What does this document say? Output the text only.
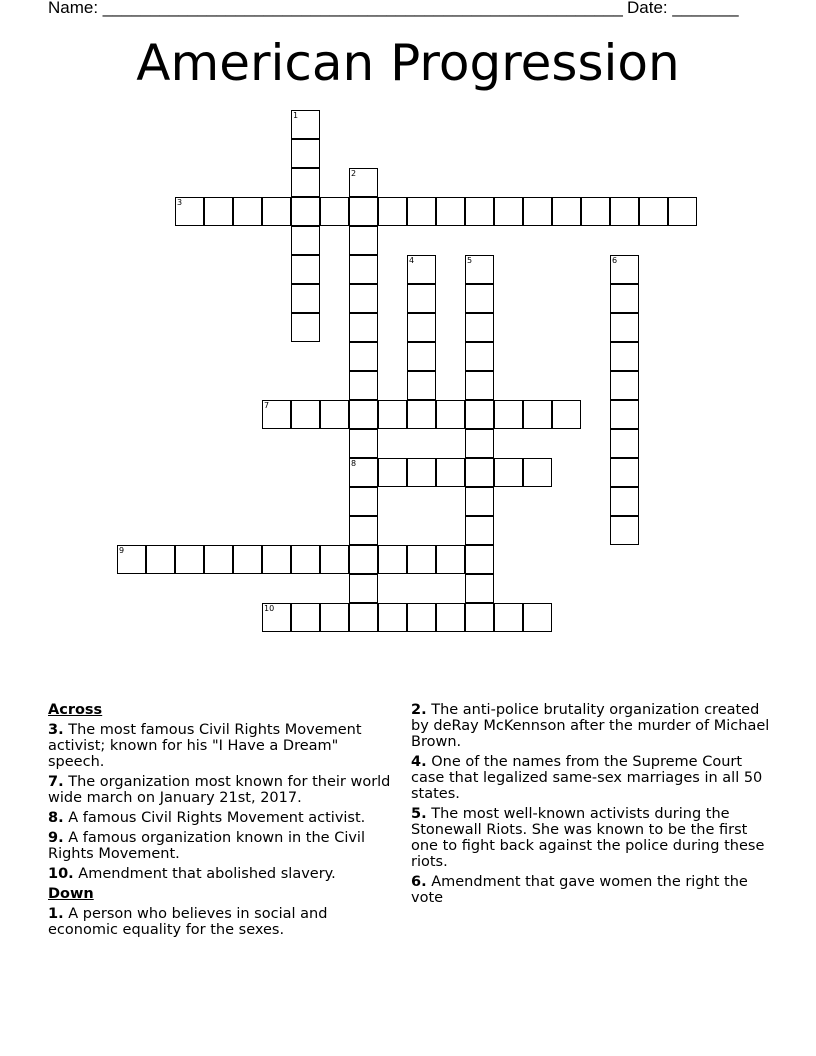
Name: _______________________________________________________ Date: _______
American Progression
1
2
8
3
4	5	6
7
9
10
Across
3. The most famous Civil Rights Movement activist; known for his "I Have a Dream" speech.
7. The organization most known for their world wide march on January 21st, 2017.
8. A famous Civil Rights Movement activist.
9. A famous organization known in the Civil Rights Movement.
10. Amendment that abolished slavery.
Down
1. A person who believes in social and economic equality for the sexes.
2. The anti-police brutality organization created by deRay McKennson after the murder of Michael Brown.
4. One of the names from the Supreme Court case that legalized same-sex marriages in all 50 states.
5. The most well-known activists during the Stonewall Riots. She was known to be the first one to fight back against the police during these riots.
6. Amendment that gave women the right the vote
